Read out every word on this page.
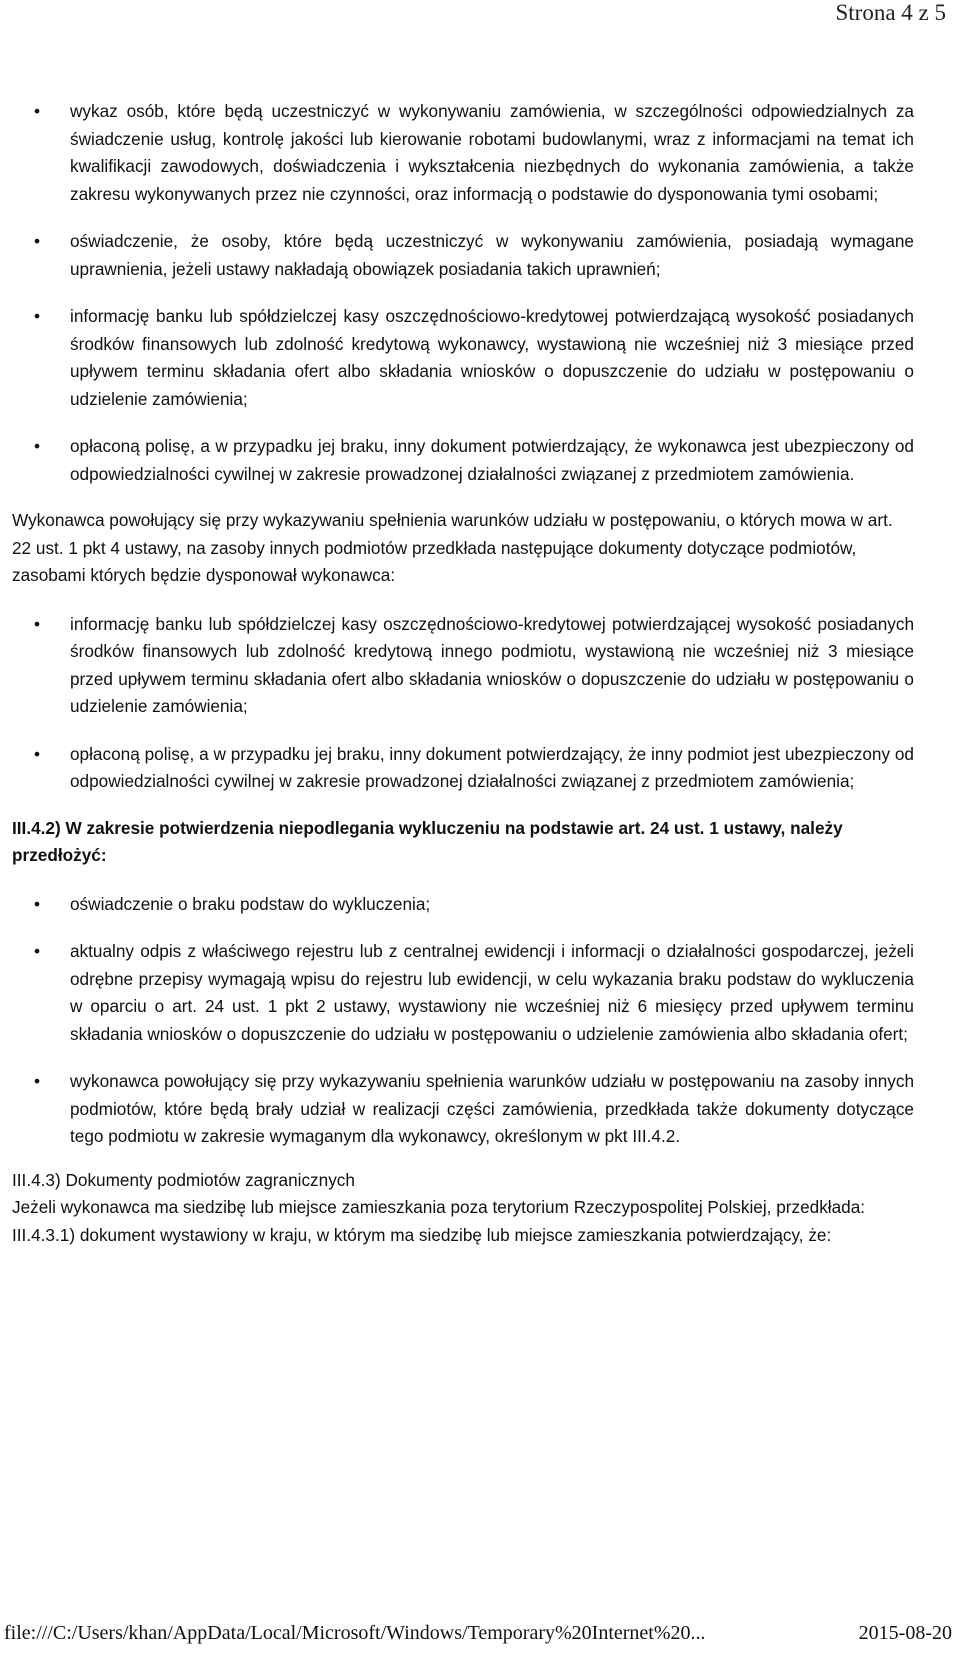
Strona 4 z 5
• wykaz osób, które będą uczestniczyć w wykonywaniu zamówienia, w szczególności odpowiedzialnych za świadczenie usług, kontrolę jakości lub kierowanie robotami budowlanymi, wraz z informacjami na temat ich kwalifikacji zawodowych, doświadczenia i wykształcenia niezbędnych do wykonania zamówienia, a także zakresu wykonywanych przez nie czynności, oraz informacją o podstawie do dysponowania tymi osobami;
• oświadczenie, że osoby, które będą uczestniczyć w wykonywaniu zamówienia, posiadają wymagane uprawnienia, jeżeli ustawy nakładają obowiązek posiadania takich uprawnień;
• informację banku lub spółdzielczej kasy oszczędnościowo-kredytowej potwierdzającą wysokość posiadanych środków finansowych lub zdolność kredytową wykonawcy, wystawioną nie wcześniej niż 3 miesiące przed upływem terminu składania ofert albo składania wniosków o dopuszczenie do udziału w postępowaniu o udzielenie zamówienia;
• opłaconą polisę, a w przypadku jej braku, inny dokument potwierdzający, że wykonawca jest ubezpieczony od odpowiedzialności cywilnej w zakresie prowadzonej działalności związanej z przedmiotem zamówienia.

Wykonawca powołujący się przy wykazywaniu spełnienia warunków udziału w postępowaniu, o których mowa w art. 22 ust. 1 pkt 4 ustawy, na zasoby innych podmiotów przedkłada następujące dokumenty dotyczące podmiotów, zasobami których będzie dysponował wykonawca:

• informację banku lub spółdzielczej kasy oszczędnościowo-kredytowej potwierdzającej wysokość posiadanych środków finansowych lub zdolność kredytową innego podmiotu, wystawioną nie wcześniej niż 3 miesiące przed upływem terminu składania ofert albo składania wniosków o dopuszczenie do udziału w postępowaniu o udzielenie zamówienia;
• opłaconą polisę, a w przypadku jej braku, inny dokument potwierdzający, że inny podmiot jest ubezpieczony od odpowiedzialności cywilnej w zakresie prowadzonej działalności związanej z przedmiotem zamówienia;

III.4.2) W zakresie potwierdzenia niepodlegania wykluczeniu na podstawie art. 24 ust. 1 ustawy, należy przedłożyć:

• oświadczenie o braku podstaw do wykluczenia;
• aktualny odpis z właściwego rejestru lub z centralnej ewidencji i informacji o działalności gospodarczej, jeżeli odrębne przepisy wymagają wpisu do rejestru lub ewidencji, w celu wykazania braku podstaw do wykluczenia w oparciu o art. 24 ust. 1 pkt 2 ustawy, wystawiony nie wcześniej niż 6 miesięcy przed upływem terminu składania wniosków o dopuszczenie do udziału w postępowaniu o udzielenie zamówienia albo składania ofert;
• wykonawca powołujący się przy wykazywaniu spełnienia warunków udziału w postępowaniu na zasoby innych podmiotów, które będą brały udział w realizacji części zamówienia, przedkłada także dokumenty dotyczące tego podmiotu w zakresie wymaganym dla wykonawcy, określonym w pkt III.4.2.

III.4.3) Dokumenty podmiotów zagranicznych

Jeżeli wykonawca ma siedzibę lub miejsce zamieszkania poza terytorium Rzeczypospolitej Polskiej, przedkłada:

III.4.3.1) dokument wystawiony w kraju, w którym ma siedzibę lub miejsce zamieszkania potwierdzający, że:

file:///C:/Users/khan/AppData/Local/Microsoft/Windows/Temporary%20Internet%20...	2015-08-20
